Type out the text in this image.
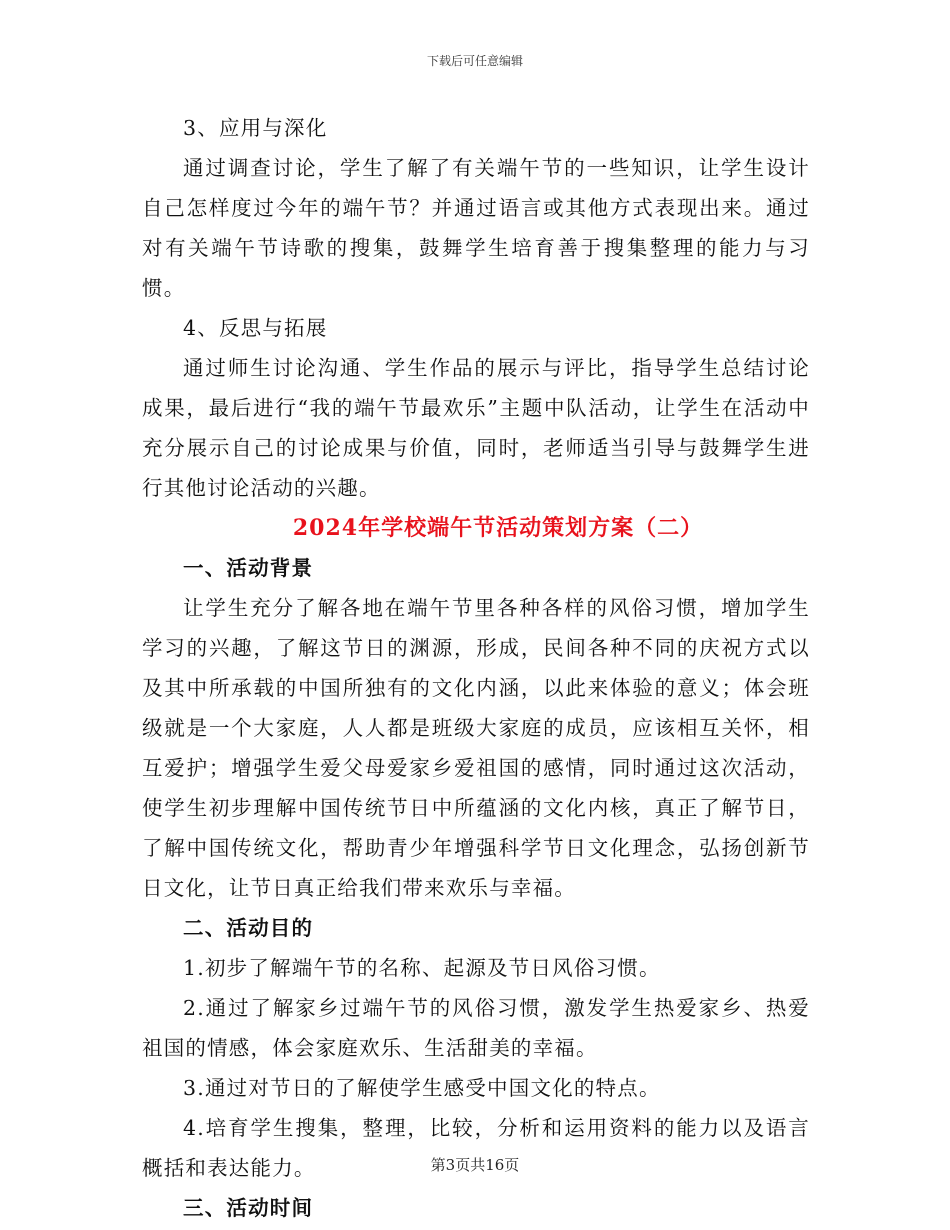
下载后可任意编辑

3、应用与深化

通过调查讨论，学生了解了有关端午节的一些知识，让学生设计自己怎样度过今年的端午节？并通过语言或其他方式表现出来。通过对有关端午节诗歌的搜集，鼓舞学生培育善于搜集整理的能力与习惯。

4、反思与拓展

通过师生讨论沟通、学生作品的展示与评比，指导学生总结讨论成果，最后进行“我的端午节最欢乐”主题中队活动，让学生在活动中充分展示自己的讨论成果与价值，同时，老师适当引导与鼓舞学生进行其他讨论活动的兴趣。

2024年学校端午节活动策划方案（二）

一、活动背景

让学生充分了解各地在端午节里各种各样的风俗习惯，增加学生学习的兴趣，了解这节日的渊源，形成，民间各种不同的庆祝方式以及其中所承载的中国所独有的文化内涵，以此来体验的意义；体会班级就是一个大家庭，人人都是班级大家庭的成员，应该相互关怀，相互爱护；增强学生爱父母爱家乡爱祖国的感情，同时通过这次活动，使学生初步理解中国传统节日中所蕴涵的文化内核，真正了解节日，了解中国传统文化，帮助青少年增强科学节日文化理念，弘扬创新节日文化，让节日真正给我们带来欢乐与幸福。

二、活动目的

1.初步了解端午节的名称、起源及节日风俗习惯。

2.通过了解家乡过端午节的风俗习惯，激发学生热爱家乡、热爱祖国的情感，体会家庭欢乐、生活甜美的幸福。

3.通过对节日的了解使学生感受中国文化的特点。

4.培育学生搜集，整理，比较，分析和运用资料的能力以及语言概括和表达能力。

三、活动时间

第3页共16页
